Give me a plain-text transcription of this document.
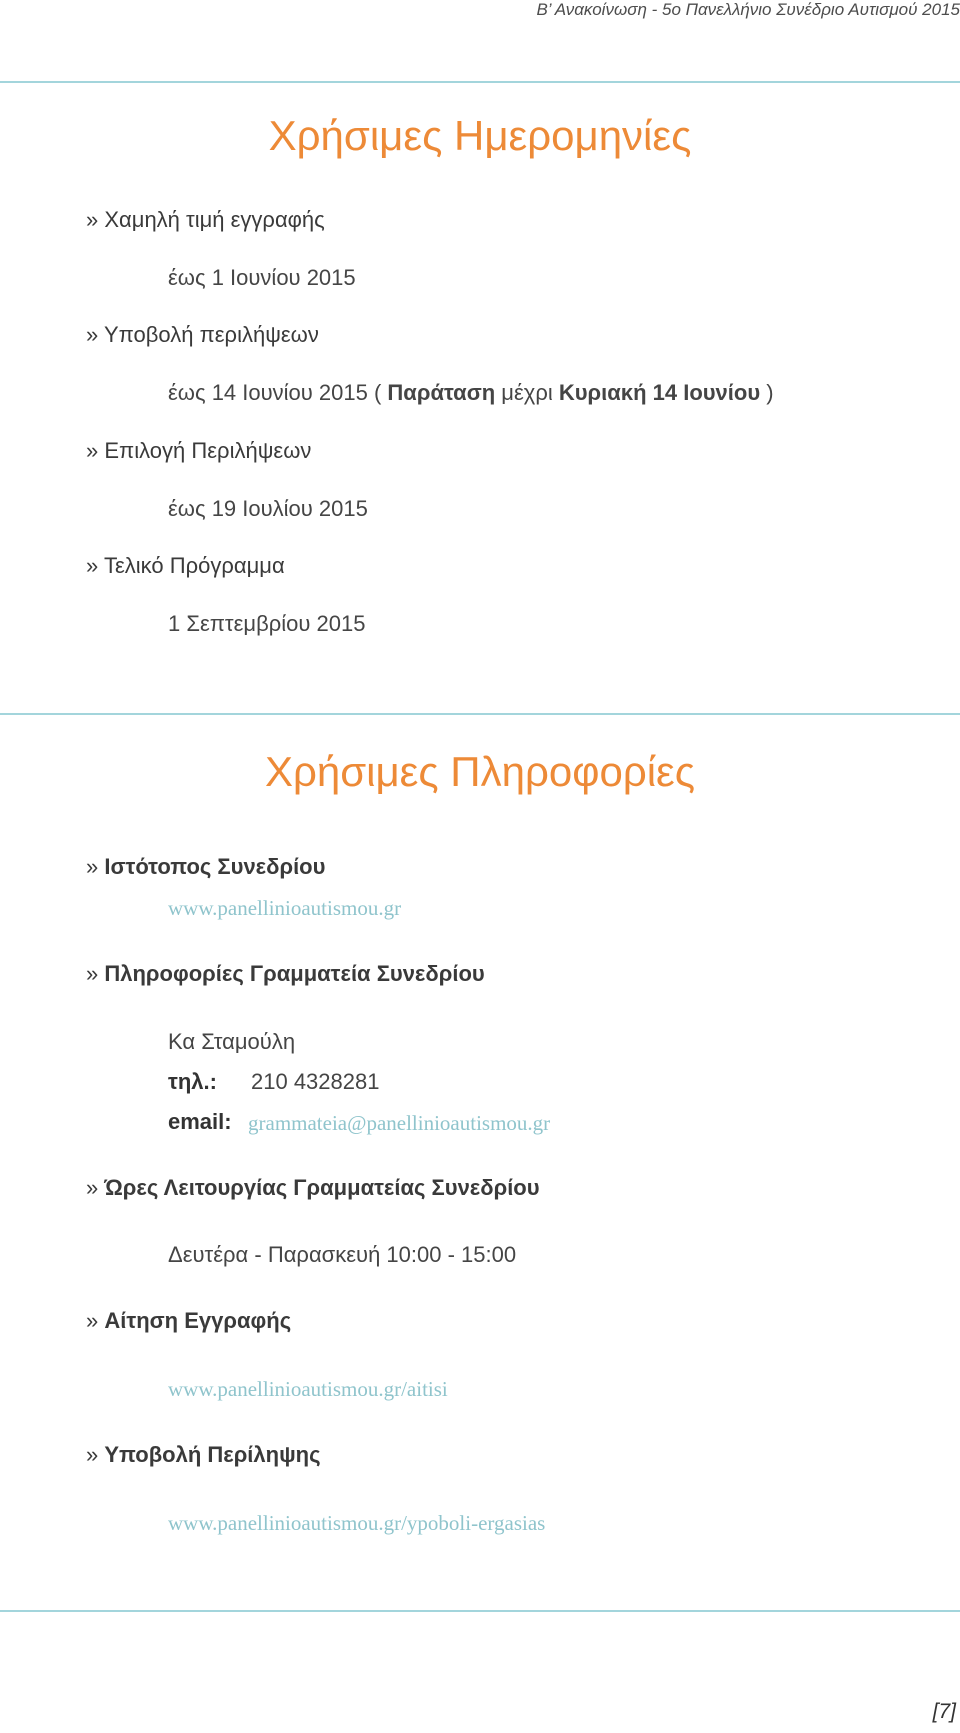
Β’ Ανακοίνωση - 5ο Πανελλήνιο Συνέδριο Αυτισμού 2015
Χρήσιμες Ημερομηνίες
» Χαμηλή τιμή εγγραφής
έως 1 Ιουνίου 2015
» Υποβολή περιλήψεων
έως 14 Ιουνίου 2015 ( Παράταση μέχρι Κυριακή 14 Ιουνίου )
» Επιλογή Περιλήψεων
έως 19 Ιουλίου 2015
» Τελικό Πρόγραμμα
1 Σεπτεμβρίου 2015
Χρήσιμες Πληροφορίες
» Ιστότοπος Συνεδρίου
www.panellinioautismou.gr
» Πληροφορίες Γραμματεία Συνεδρίου
Κα Σταμούλη
τηλ.: 210 4328281
email: grammateia@panellinioautismou.gr
» Ώρες Λειτουργίας Γραμματείας Συνεδρίου
Δευτέρα - Παρασκευή 10:00 - 15:00
» Αίτηση Εγγραφής
www.panellinioautismou.gr/aitisi
» Υποβολή Περίληψης
www.panellinioautismou.gr/ypoboli-ergasias
[7]
